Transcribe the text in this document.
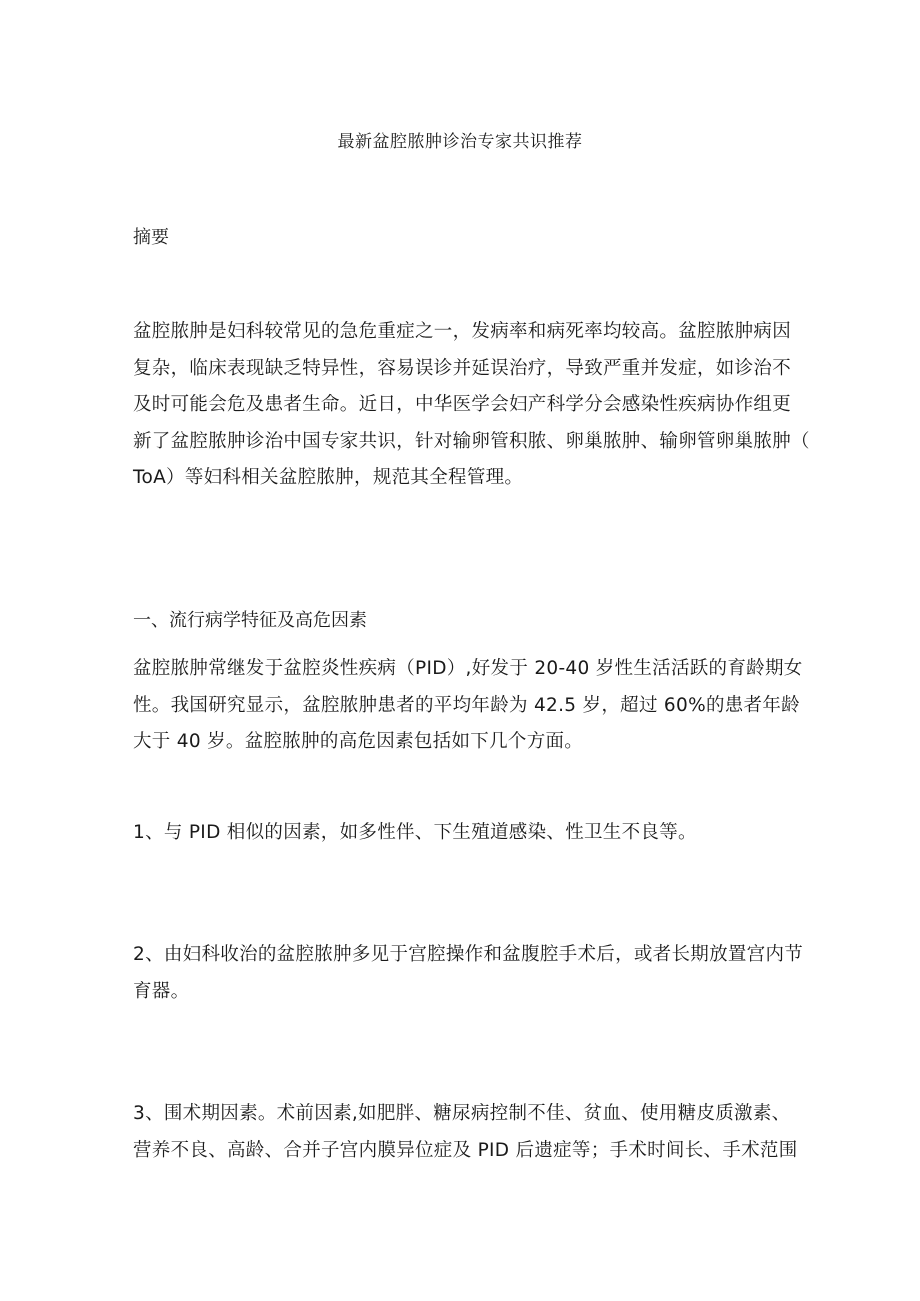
最新盆腔脓肿诊治专家共识推荐
摘要
盆腔脓肿是妇科较常见的急危重症之一，发病率和病死率均较高。盆腔脓肿病因
复杂，临床表现缺乏特异性，容易误诊并延误治疗，导致严重并发症，如诊治不
及时可能会危及患者生命。近日，中华医学会妇产科学分会感染性疾病协作组更
新了盆腔脓肿诊治中国专家共识，针对输卵管积脓、卵巢脓肿、输卵管卵巢脓肿（
ToA）等妇科相关盆腔脓肿，规范其全程管理。
一、流行病学特征及高危因素
盆腔脓肿常继发于盆腔炎性疾病（PID）,好发于 20-40 岁性生活活跃的育龄期女
性。我国研究显示，盆腔脓肿患者的平均年龄为 42.5 岁，超过 60%的患者年龄
大于 40 岁。盆腔脓肿的高危因素包括如下几个方面。
1、与 PID 相似的因素，如多性伴、下生殖道感染、性卫生不良等。
2、由妇科收治的盆腔脓肿多见于宫腔操作和盆腹腔手术后，或者长期放置宫内节
育器。
3、围术期因素。术前因素,如肥胖、糖尿病控制不佳、贫血、使用糖皮质激素、
营养不良、高龄、合并子宫内膜异位症及 PID 后遗症等；手术时间长、手术范围
